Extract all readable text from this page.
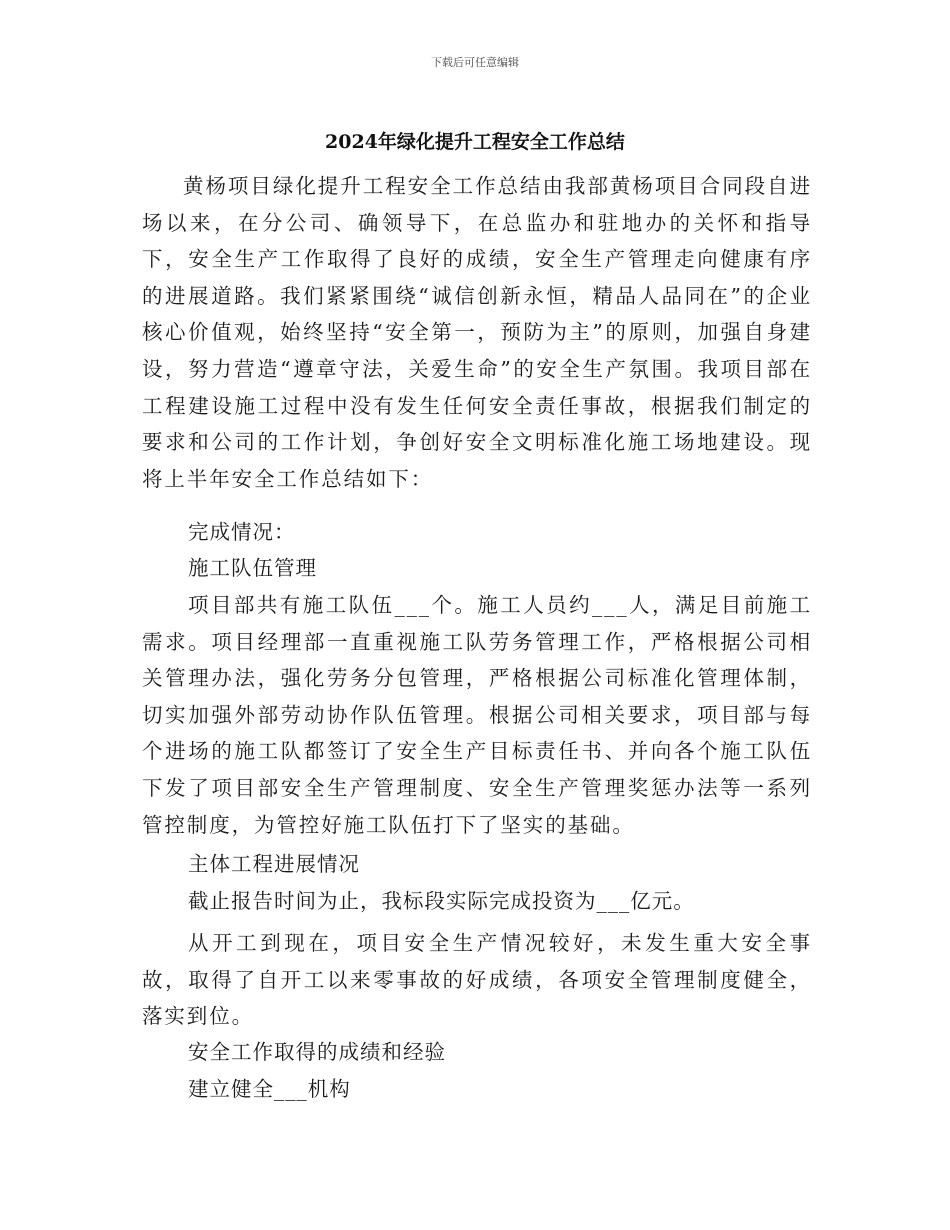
下载后可任意编辑
2024年绿化提升工程安全工作总结
黄杨项目绿化提升工程安全工作总结由我部黄杨项目合同段自进场以来，在分公司、确领导下，在总监办和驻地办的关怀和指导下，安全生产工作取得了良好的成绩，安全生产管理走向健康有序的进展道路。我们紧紧围绕“诚信创新永恒，精品人品同在”的企业核心价值观，始终坚持“安全第一，预防为主”的原则，加强自身建设，努力营造“遵章守法，关爱生命”的安全生产氛围。我项目部在工程建设施工过程中没有发生任何安全责任事故，根据我们制定的要求和公司的工作计划，争创好安全文明标准化施工场地建设。现将上半年安全工作总结如下：
完成情况：
施工队伍管理
项目部共有施工队伍___个。施工人员约___人，满足目前施工需求。项目经理部一直重视施工队劳务管理工作，严格根据公司相关管理办法，强化劳务分包管理，严格根据公司标准化管理体制，切实加强外部劳动协作队伍管理。根据公司相关要求，项目部与每个进场的施工队都签订了安全生产目标责任书、并向各个施工队伍下发了项目部安全生产管理制度、安全生产管理奖惩办法等一系列管控制度，为管控好施工队伍打下了坚实的基础。
主体工程进展情况
截止报告时间为止，我标段实际完成投资为___亿元。
从开工到现在，项目安全生产情况较好，未发生重大安全事故，取得了自开工以来零事故的好成绩，各项安全管理制度健全，落实到位。
安全工作取得的成绩和经验
建立健全___机构
